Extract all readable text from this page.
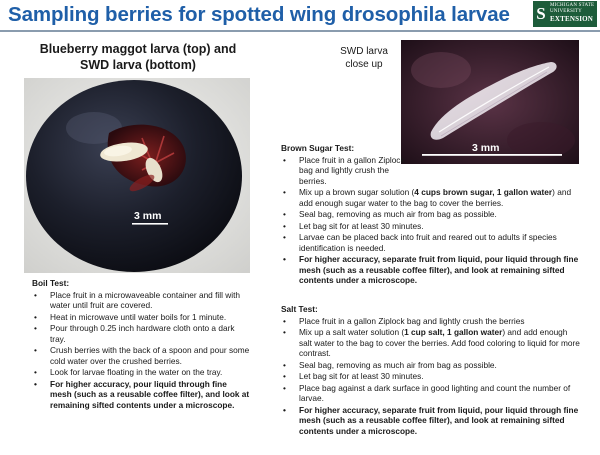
Sampling berries for spotted wing drosophila larvae S MICHIGAN STATE
UNIVERSITY
EXTENSION
Blueberry maggot larva (top) and
SWD larva (bottom)
3 mm
SWD larva
close up
3 mm
Boil Test:
• Place fruit in a microwaveable container and fill with water until fruit are covered.
• Heat in microwave until water boils for 1 minute.
• Pour through 0.25 inch hardware cloth onto a dark tray.
• Crush berries with the back of a spoon and pour some cold water over the crushed berries.
• Look for larvae floating in the water on the tray.
• For higher accuracy, pour liquid through fine mesh (such as a reusable coffee filter), and look at remaining sifted contents under a microscope.
Brown Sugar Test:
• Place fruit in a gallon Ziplock bag and lightly crush the berries.
• Mix up a brown sugar solution (4 cups brown sugar, 1 gallon water) and add enough sugar water to the bag to cover the berries.
• Seal bag, removing as much air from bag as possible.
• Let bag sit for at least 30 minutes.
• Larvae can be placed back into fruit and reared out to adults if species identification is needed.
• For higher accuracy, separate fruit from liquid, pour liquid through fine mesh (such as a reusable coffee filter), and look at remaining sifted contents under a microscope.
Salt Test:
• Place fruit in a gallon Ziplock bag and lightly crush the berries
• Mix up a salt water solution (1 cup salt, 1 gallon water) and add enough salt water to the bag to cover the berries. Add food coloring to liquid for more contrast.
• Seal bag, removing as much air from bag as possible.
• Let bag sit for at least 30 minutes.
• Place bag against a dark surface in good lighting and count the number of larvae.
• For higher accuracy, separate fruit from liquid, pour liquid through fine mesh (such as a reusable coffee filter), and look at remaining sifted contents under a microscope.
